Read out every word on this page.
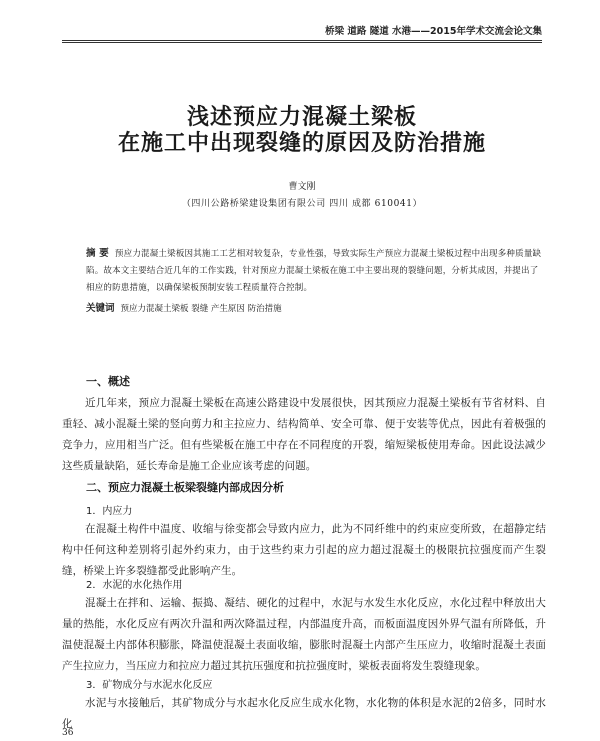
桥梁 道路 隧道 水港——2015年学术交流会论文集
浅述预应力混凝土梁板
在施工中出现裂缝的原因及防治措施
曹文刚
（四川公路桥梁建设集团有限公司 四川 成都 610041）
摘 要 预应力混凝土梁板因其施工工艺相对较复杂，专业性强，导致实际生产预应力混凝土梁板过程中出现多种质量缺陷。故本文主要结合近几年的工作实践，针对预应力混凝土梁板在施工中主要出现的裂缝问题，分析其成因，并提出了相应的防患措施，以确保梁板预制安装工程质量符合控制。
关键词 预应力混凝土梁板 裂缝 产生原因 防治措施
一、概述
近几年来，预应力混凝土梁板在高速公路建设中发展很快，因其预应力混凝土梁板有节省材料、自重轻、减小混凝土梁的竖向剪力和主拉应力、结构简单、安全可靠、便于安装等优点，因此有着极强的竞争力，应用相当广泛。但有些梁板在施工中存在不同程度的开裂，缩短梁板使用寿命。因此设法减少这些质量缺陷，延长寿命是施工企业应该考虑的问题。
二、预应力混凝土板梁裂缝内部成因分析
1．内应力
在混凝土构件中温度、收缩与徐变都会导致内应力，此为不同纤维中的约束应变所致，在超静定结构中任何这种差别将引起外约束力，由于这些约束力引起的应力超过混凝土的极限抗拉强度而产生裂缝，桥梁上许多裂缝都受此影响产生。
2．水泥的水化热作用
混凝土在拌和、运输、振捣、凝结、硬化的过程中，水泥与水发生水化反应，水化过程中释放出大量的热能，水化反应有两次升温和两次降温过程，内部温度升高，而板面温度因外界气温有所降低，升温使混凝土内部体积膨胀，降温使混凝土表面收缩，膨胀时混凝土内部产生压应力，收缩时混凝土表面产生拉应力，当压应力和拉应力超过其抗压强度和抗拉强度时，梁板表面将发生裂缝现象。
3．矿物成分与水泥水化反应
水泥与水接触后，其矿物成分与水起水化反应生成水化物，水化物的体积是水泥的2倍多，同时水化
36
